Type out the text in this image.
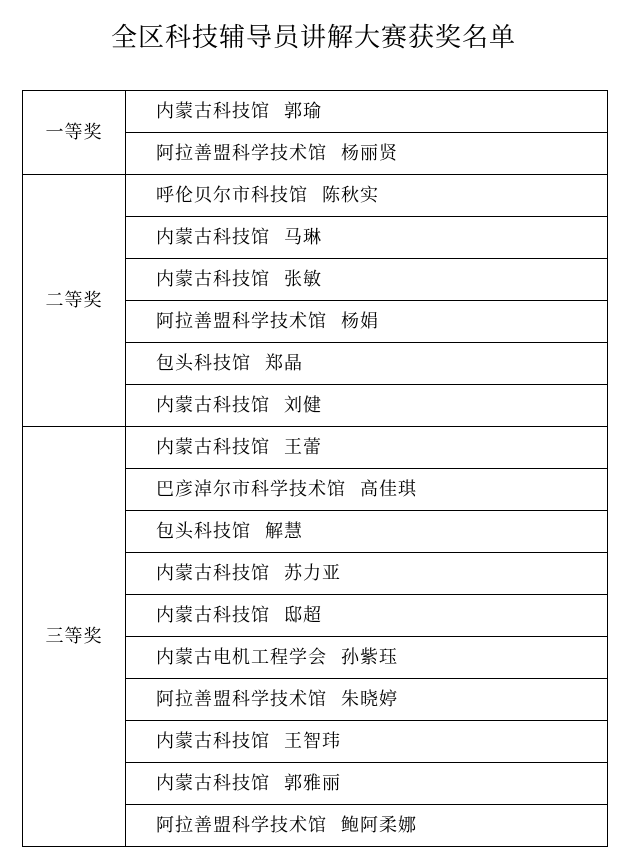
全区科技辅导员讲解大赛获奖名单
一等奖	内蒙古科技馆 郭瑜
	阿拉善盟科学技术馆 杨丽贤
二等奖	呼伦贝尔市科技馆 陈秋实
	内蒙古科技馆 马琳
	内蒙古科技馆 张敏
	阿拉善盟科学技术馆 杨娟
	包头科技馆 郑晶
	内蒙古科技馆 刘健
三等奖	内蒙古科技馆 王蕾
	巴彦淖尔市科学技术馆 高佳琪
	包头科技馆 解慧
	内蒙古科技馆 苏力亚
	内蒙古科技馆 邸超
	内蒙古电机工程学会 孙紫珏
	阿拉善盟科学技术馆 朱晓婷
	内蒙古科技馆 王智玮
	内蒙古科技馆 郭雅丽
	阿拉善盟科学技术馆 鲍阿柔娜
